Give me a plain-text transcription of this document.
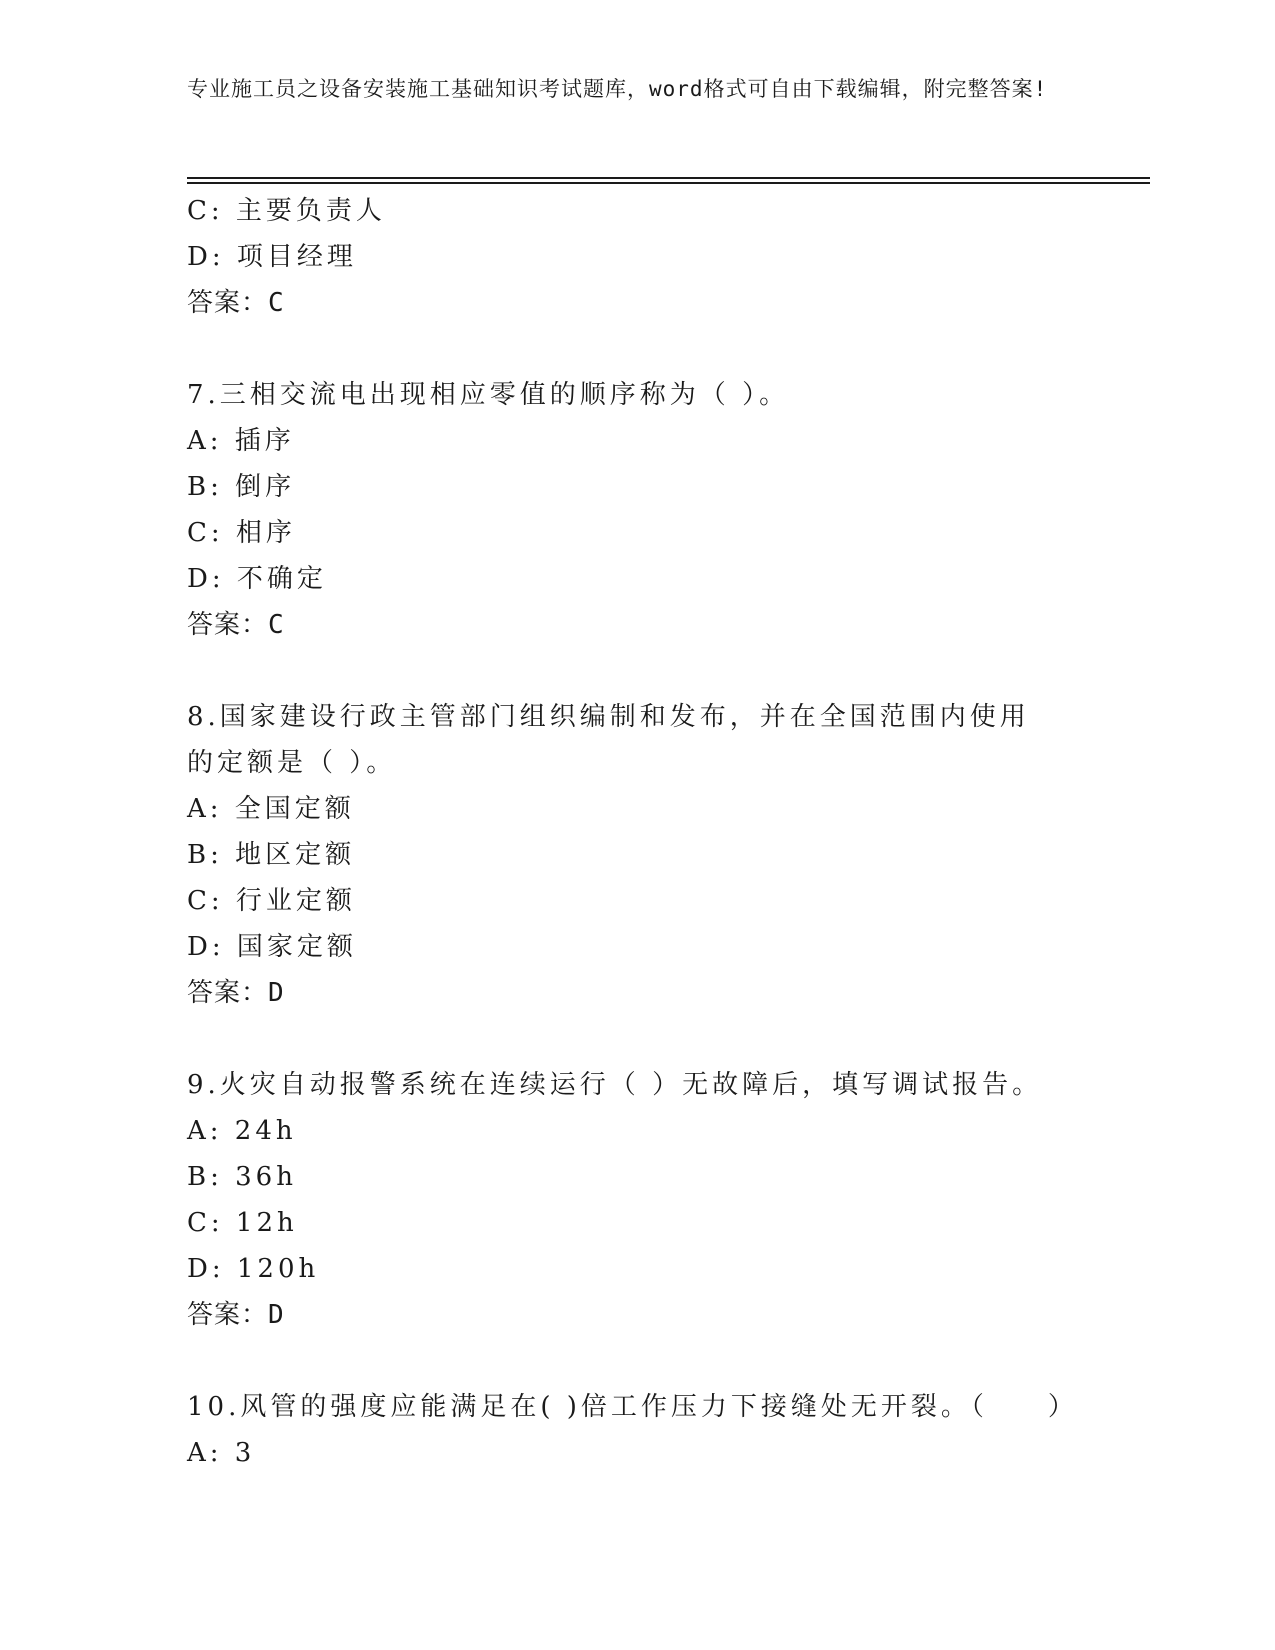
专业施工员之设备安装施工基础知识考试题库，word格式可自由下载编辑，附完整答案!
C: 主要负责人
D: 项目经理
答案：C
7.三相交流电出现相应零值的顺序称为（ ）。
A: 插序
B: 倒序
C: 相序
D: 不确定
答案：C
8.国家建设行政主管部门组织编制和发布，并在全国范围内使用的定额是（ ）。
A: 全国定额
B: 地区定额
C: 行业定额
D: 国家定额
答案：D
9.火灾自动报警系统在连续运行（ ）无故障后，填写调试报告。
A: 24h
B: 36h
C: 12h
D: 120h
答案：D
10.风管的强度应能满足在( )倍工作压力下接缝处无开裂。（　　）
A: 3
